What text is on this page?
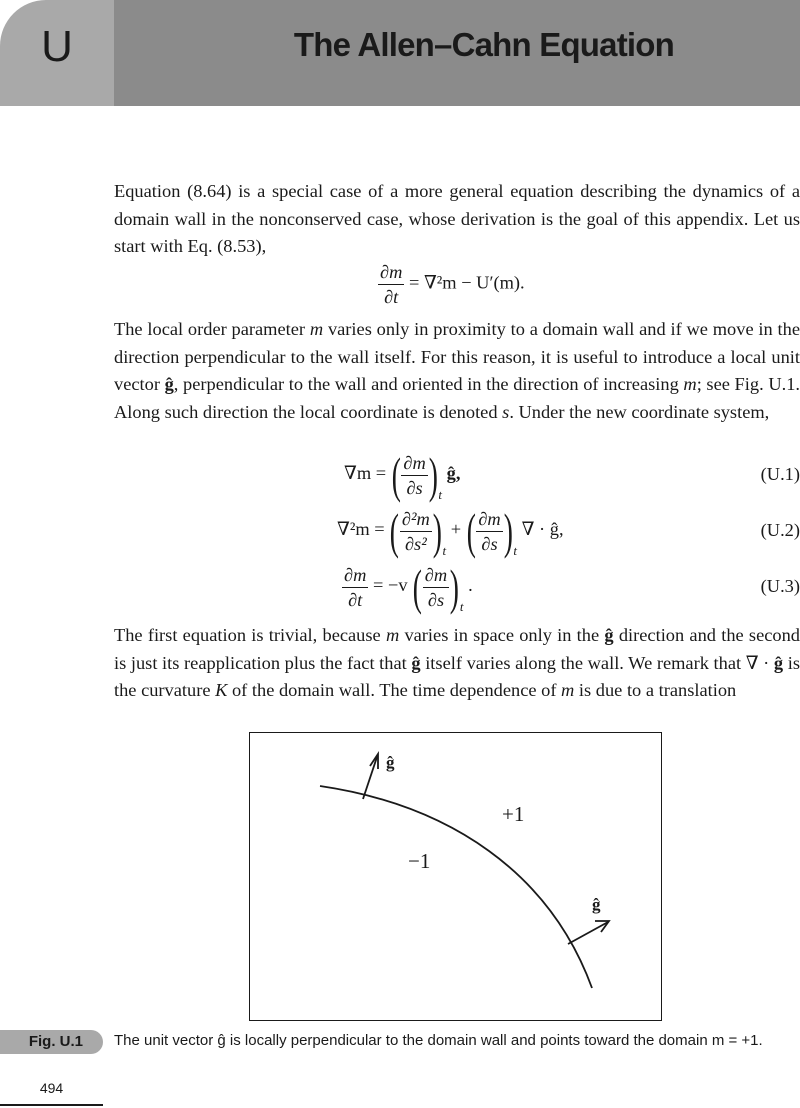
U	The Allen–Cahn Equation
Equation (8.64) is a special case of a more general equation describing the dynamics of a domain wall in the nonconserved case, whose derivation is the goal of this appendix. Let us start with Eq. (8.53),
$\frac{\partial m}{\partial t} = \nabla^2m - U'(m)$.
The local order parameter m varies only in proximity to a domain wall and if we move in the direction perpendicular to the wall itself. For this reason, it is useful to introduce a local unit vector ĝ, perpendicular to the wall and oriented in the direction of increasing m; see Fig. U.1. Along such direction the local coordinate is denoted s. Under the new coordinate system,
∇m = ( $\frac{\partial m}{\partial s} )_t$ ĝ,	(U.1)
∇²m = ( $\frac{\text{∂²m}}{\text{∂s²}} )_t$ + ( $\frac{\partial m}{\partial s} )_t$ ∇ · ĝ,	(U.2)
$\frac{\partial m}{\partial t} = -v$ ( $\frac{\partial m}{\partial s} )_t$ .	(U.3)
The first equation is trivial, because m varies in space only in the ĝ direction and the second is just its reapplication plus the fact that ĝ itself varies along the wall. We remark that ∇ · ĝ is the curvature K of the domain wall. The time dependence of m is due to a translation
ĝ
ĝ
+1
−1
Fig. U.1 The unit vector ĝ is locally perpendicular to the domain wall and points toward the domain m = +1.
494
